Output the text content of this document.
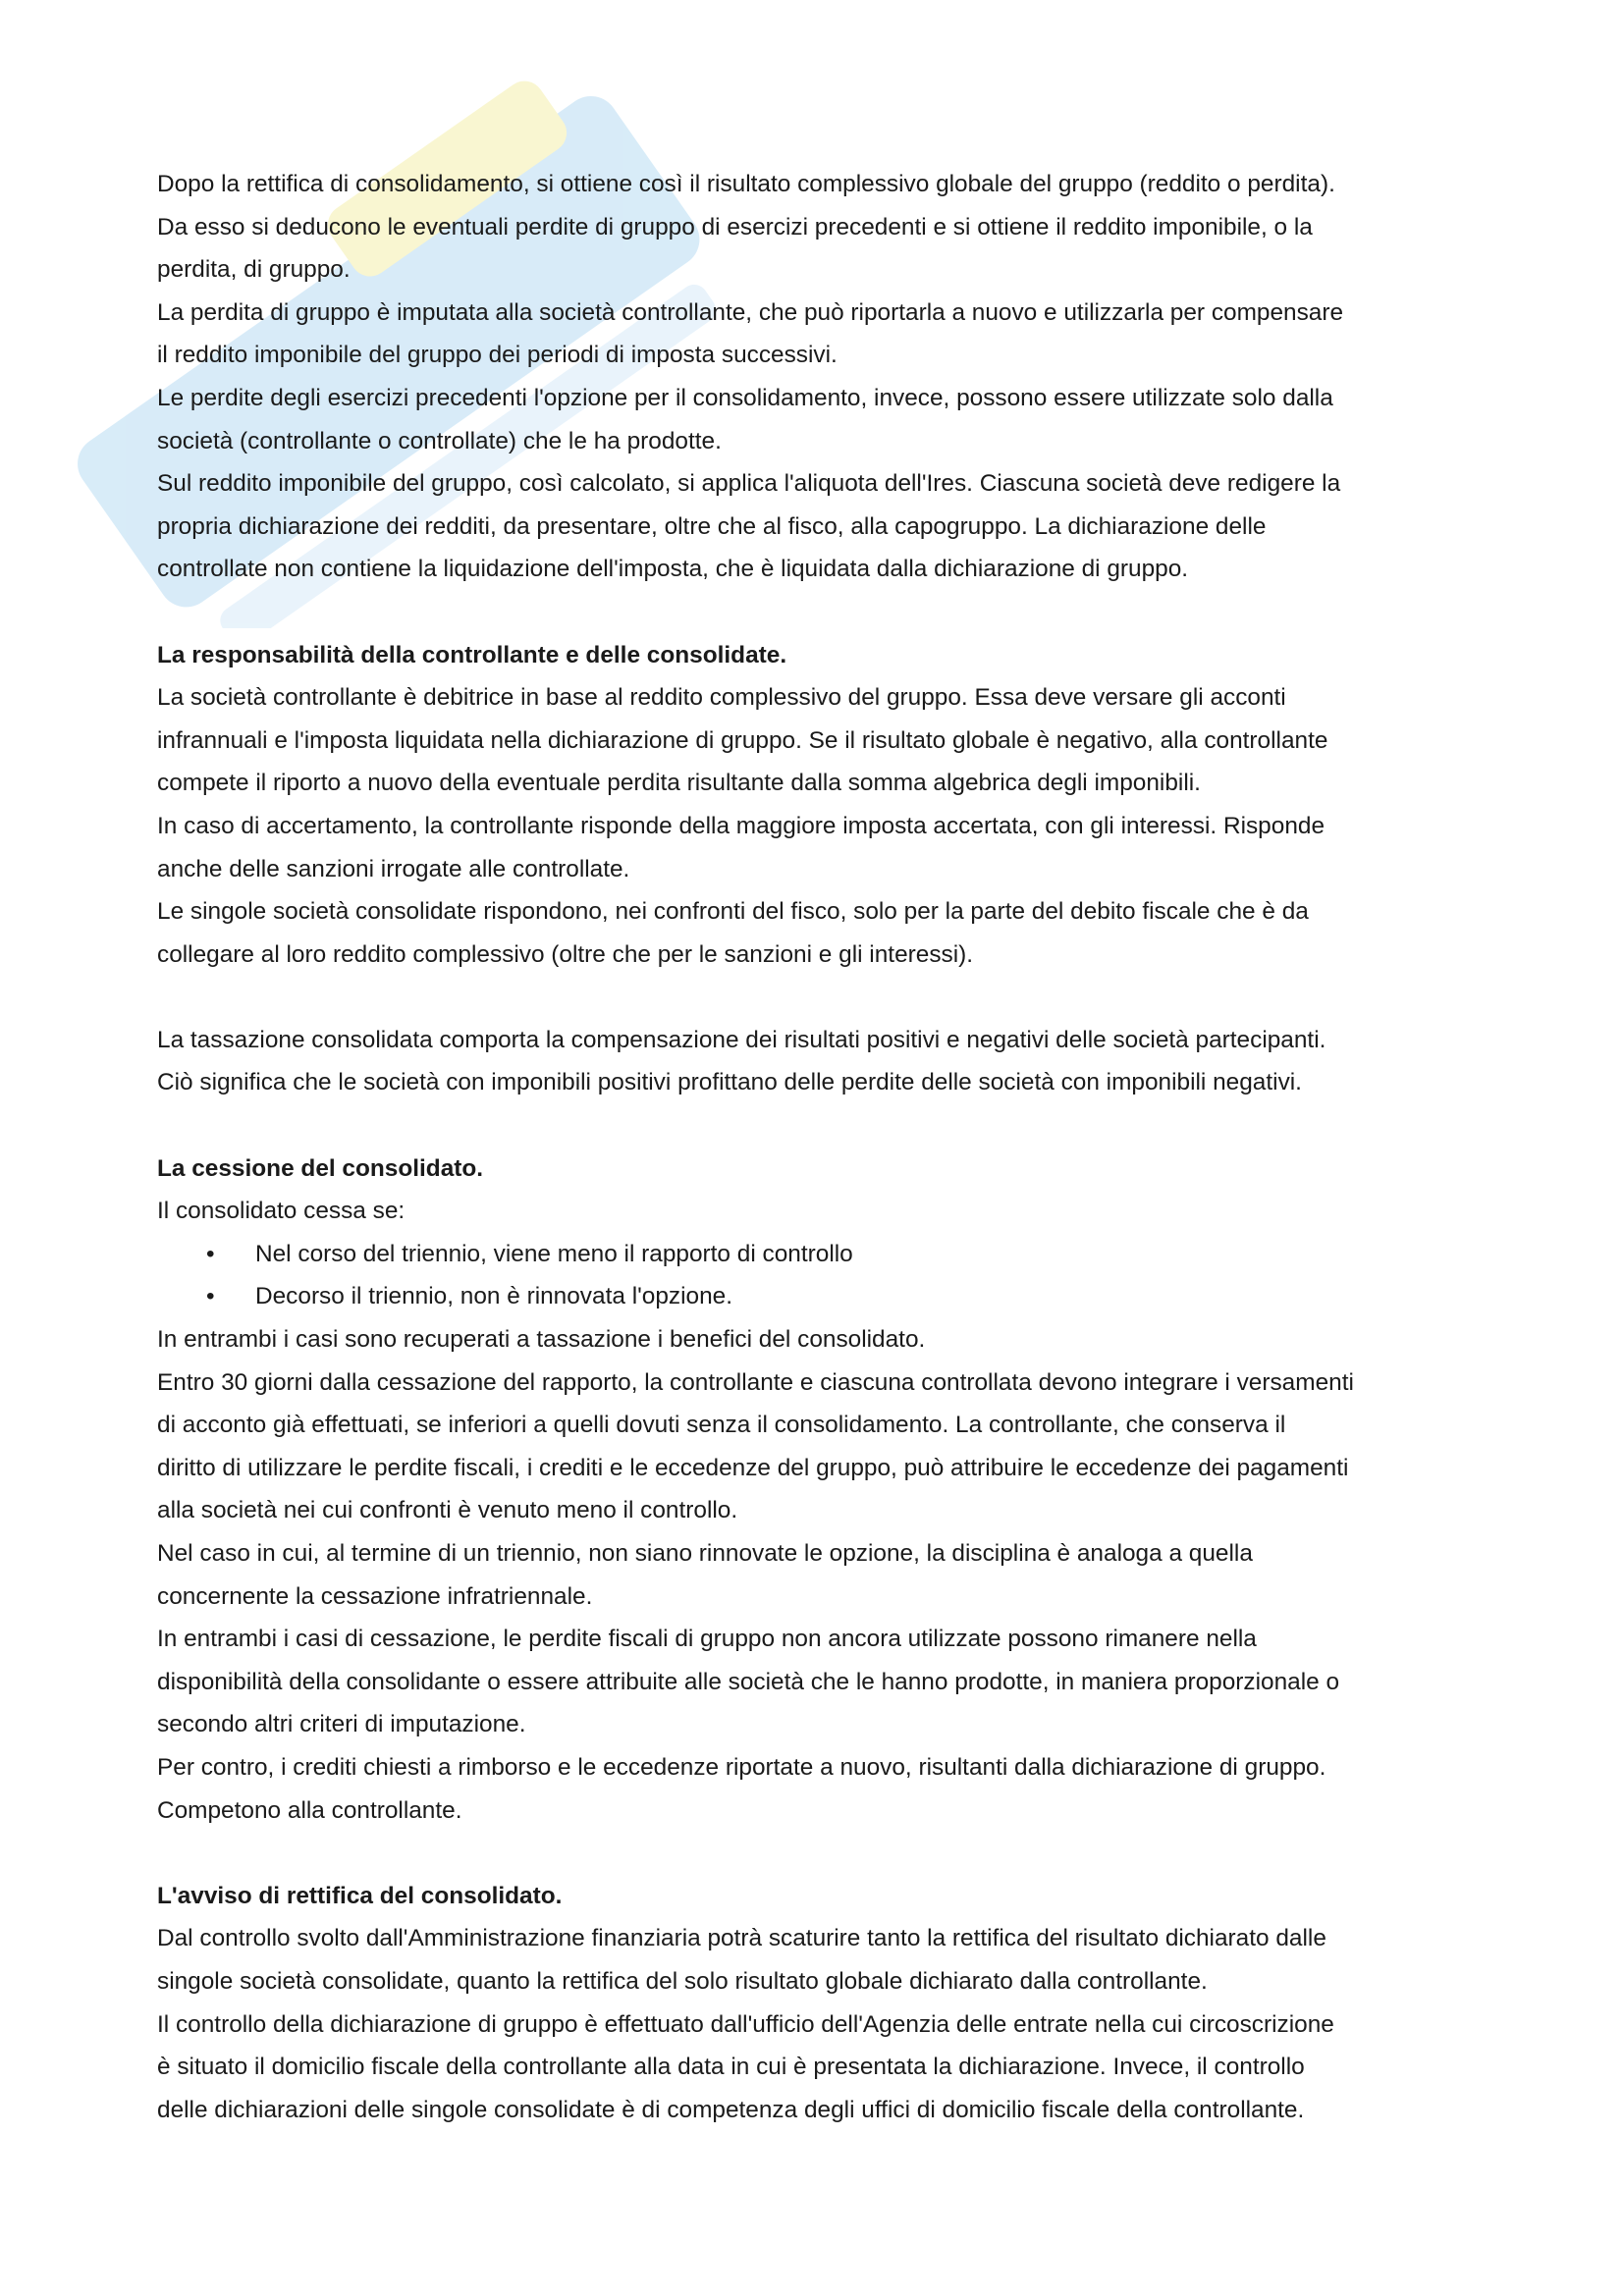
Dopo la rettifica di consolidamento, si ottiene così il risultato complessivo globale del gruppo (reddito o perdita).
Da esso si deducono le eventuali perdite di gruppo di esercizi precedenti e si ottiene il reddito imponibile, o la
perdita, di gruppo.
La perdita di gruppo è imputata alla società controllante, che può riportarla a nuovo e utilizzarla per compensare
il reddito imponibile del gruppo dei periodi di imposta successivi.
Le perdite degli esercizi precedenti l'opzione per il consolidamento, invece, possono essere utilizzate solo dalla
società (controllante o controllate) che le ha prodotte.
Sul reddito imponibile del gruppo, così calcolato, si applica l'aliquota dell'Ires. Ciascuna società deve redigere la
propria dichiarazione dei redditi, da presentare, oltre che al fisco, alla capogruppo. La dichiarazione delle
controllate non contiene la liquidazione dell'imposta, che è liquidata dalla dichiarazione di gruppo.
La responsabilità della controllante e delle consolidate.
La società controllante è debitrice in base al reddito complessivo del gruppo. Essa deve versare gli acconti
infrannuali e l'imposta liquidata nella dichiarazione di gruppo. Se il risultato globale è negativo, alla controllante
compete il riporto a nuovo della eventuale perdita risultante dalla somma algebrica degli imponibili.
In caso di accertamento, la controllante risponde della maggiore imposta accertata, con gli interessi. Risponde
anche delle sanzioni irrogate alle controllate.
Le singole società consolidate rispondono, nei confronti del fisco, solo per la parte del debito fiscale che è da
collegare al loro reddito complessivo (oltre che per le sanzioni e gli interessi).
La tassazione consolidata comporta la compensazione dei risultati positivi e negativi delle società partecipanti.
Ciò significa che le società con imponibili positivi profittano delle perdite delle società con imponibili negativi.
La cessione del consolidato.
Il consolidato cessa se:
• Nel corso del triennio, viene meno il rapporto di controllo
• Decorso il triennio, non è rinnovata l'opzione.
In entrambi i casi sono recuperati a tassazione i benefici del consolidato.
Entro 30 giorni dalla cessazione del rapporto, la controllante e ciascuna controllata devono integrare i versamenti
di acconto già effettuati, se inferiori a quelli dovuti senza il consolidamento. La controllante, che conserva il
diritto di utilizzare le perdite fiscali, i crediti e le eccedenze del gruppo, può attribuire le eccedenze dei pagamenti
alla società nei cui confronti è venuto meno il controllo.
Nel caso in cui, al termine di un triennio, non siano rinnovate le opzione, la disciplina è analoga a quella
concernente la cessazione infratriennale.
In entrambi i casi di cessazione, le perdite fiscali di gruppo non ancora utilizzate possono rimanere nella
disponibilità della consolidante o essere attribuite alle società che le hanno prodotte, in maniera proporzionale o
secondo altri criteri di imputazione.
Per contro, i crediti chiesti a rimborso e le eccedenze riportate a nuovo, risultanti dalla dichiarazione di gruppo.
Competono alla controllante.
L'avviso di rettifica del consolidato.
Dal controllo svolto dall'Amministrazione finanziaria potrà scaturire tanto la rettifica del risultato dichiarato dalle
singole società consolidate, quanto la rettifica del solo risultato globale dichiarato dalla controllante.
Il controllo della dichiarazione di gruppo è effettuato dall'ufficio dell'Agenzia delle entrate nella cui circoscrizione
è situato il domicilio fiscale della controllante alla data in cui è presentata la dichiarazione. Invece, il controllo
delle dichiarazioni delle singole consolidate è di competenza degli uffici di domicilio fiscale della controllante.
